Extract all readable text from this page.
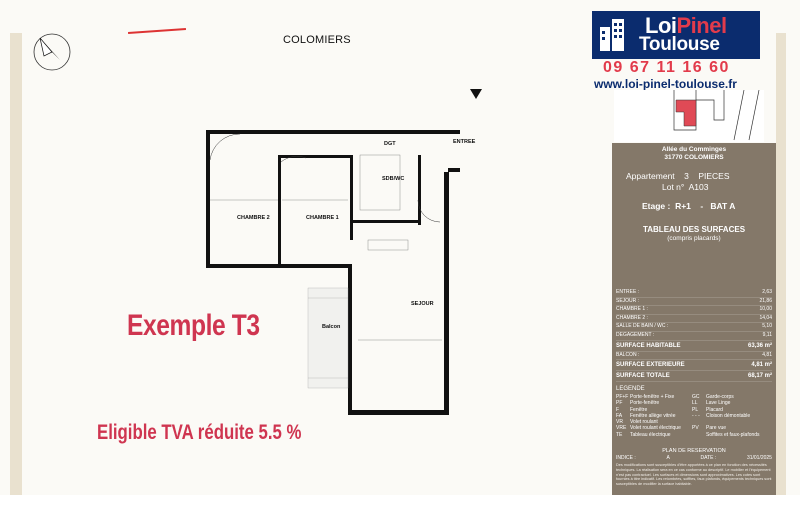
COLOMIERS
DGT	ENTREE
SDB/WC
CHAMBRE 2	CHAMBRE 1
SEJOUR
Balcon
Exemple T3
Eligible TVA réduite 5.5 %
LoiPinel
Toulouse
09 67 11 16 60
www.loi-pinel-toulouse.fr
Allée du Comminges
31770 COLOMIERS
Appartement 3 PIECES
Lot n° A103
Etage : R+1 - BAT A
TABLEAU DES SURFACES
(compris placards)
ENTREE :	2,63
SEJOUR :	21,86
CHAMBRE 1 :	10,00
CHAMBRE 2 :	14,04
SALLE DE BAIN / WC :	5,10
DEGAGEMENT :	9,11
SURFACE HABITABLE	63,36 m²
BALCON :	4,81
SURFACE EXTERIEURE	4,81 m²
SURFACE TOTALE	68,17 m²
LEGENDE
PF+F Porte-fenêtre + Fixe	GC	Garde-corps
PF	Porte-fenêtre	LL	Lave Linge
F	Fenêtre	PL	Placard
FA	Fenêtre allège vitrée	- - -	Cloison démontable
VR	Volet roulant
VRE Volet roulant électrique	PV	Pare vue
TE	Tableau électrique	Soffites et faux-plafonds
PLAN DE RESERVATION
INDICE :	A	DATE :	31/01/2025
Des modifications sont susceptibles d'être apportées à ce plan en fonction des nécessités techniques. La réalisation sera en ce cas conforme au descriptif. Le mobilier et l'équipement n'est pas contractuel. Les surfaces et dimensions sont approximatives. Les cotes sont fournies à titre indicatif. Les retombées, soffites, faux plafonds, équipements techniques sont susceptibles de modifier la surface habitable.
